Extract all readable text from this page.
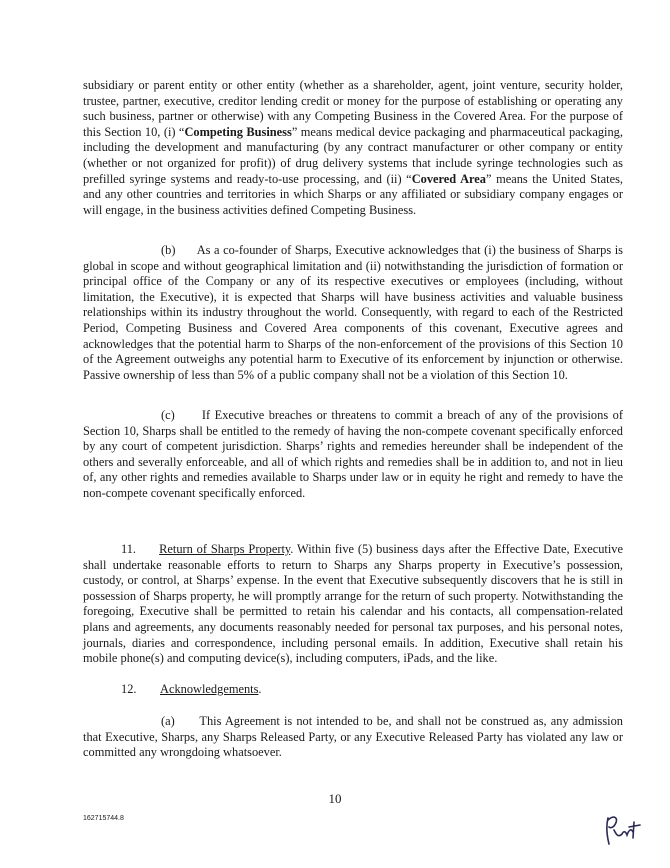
subsidiary or parent entity or other entity (whether as a shareholder, agent, joint venture, security holder, trustee, partner, executive, creditor lending credit or money for the purpose of establishing or operating any such business, partner or otherwise) with any Competing Business in the Covered Area. For the purpose of this Section 10, (i) “Competing Business” means medical device packaging and pharmaceutical packaging, including the development and manufacturing (by any contract manufacturer or other company or entity (whether or not organized for profit)) of drug delivery systems that include syringe technologies such as prefilled syringe systems and ready-to-use processing, and (ii) “Covered Area” means the United States, and any other countries and territories in which Sharps or any affiliated or subsidiary company engages or will engage, in the business activities defined Competing Business.

(b)      As a co-founder of Sharps, Executive acknowledges that (i) the business of Sharps is global in scope and without geographical limitation and (ii) notwithstanding the jurisdiction of formation or principal office of the Company or any of its respective executives or employees (including, without limitation, the Executive), it is expected that Sharps will have business activities and valuable business relationships within its industry throughout the world. Consequently, with regard to each of the Restricted Period, Competing Business and Covered Area components of this covenant, Executive agrees and acknowledges that the potential harm to Sharps of the non-enforcement of the provisions of this Section 10 of the Agreement outweighs any potential harm to Executive of its enforcement by injunction or otherwise. Passive ownership of less than 5% of a public company shall not be a violation of this Section 10.

(c)      If Executive breaches or threatens to commit a breach of any of the provisions of Section 10, Sharps shall be entitled to the remedy of having the non-compete covenant specifically enforced by any court of competent jurisdiction. Sharps’ rights and remedies hereunder shall be independent of the others and severally enforceable, and all of which rights and remedies shall be in addition to, and not in lieu of, any other rights and remedies available to Sharps under law or in equity he right and remedy to have the non-compete covenant specifically enforced.

11. Return of Sharps Property. Within five (5) business days after the Effective Date, Executive shall undertake reasonable efforts to return to Sharps any Sharps property in Executive’s possession, custody, or control, at Sharps’ expense. In the event that Executive subsequently discovers that he is still in possession of Sharps property, he will promptly arrange for the return of such property. Notwithstanding the foregoing, Executive shall be permitted to retain his calendar and his contacts, all compensation-related plans and agreements, any documents reasonably needed for personal tax purposes, and his personal notes, journals, diaries and correspondence, including personal emails. In addition, Executive shall retain his mobile phone(s) and computing device(s), including computers, iPads, and the like.

12. Acknowledgements.

(a)      This Agreement is not intended to be, and shall not be construed as, any admission that Executive, Sharps, any Sharps Released Party, or any Executive Released Party has violated any law or committed any wrongdoing whatsoever.

10
162715744.8
